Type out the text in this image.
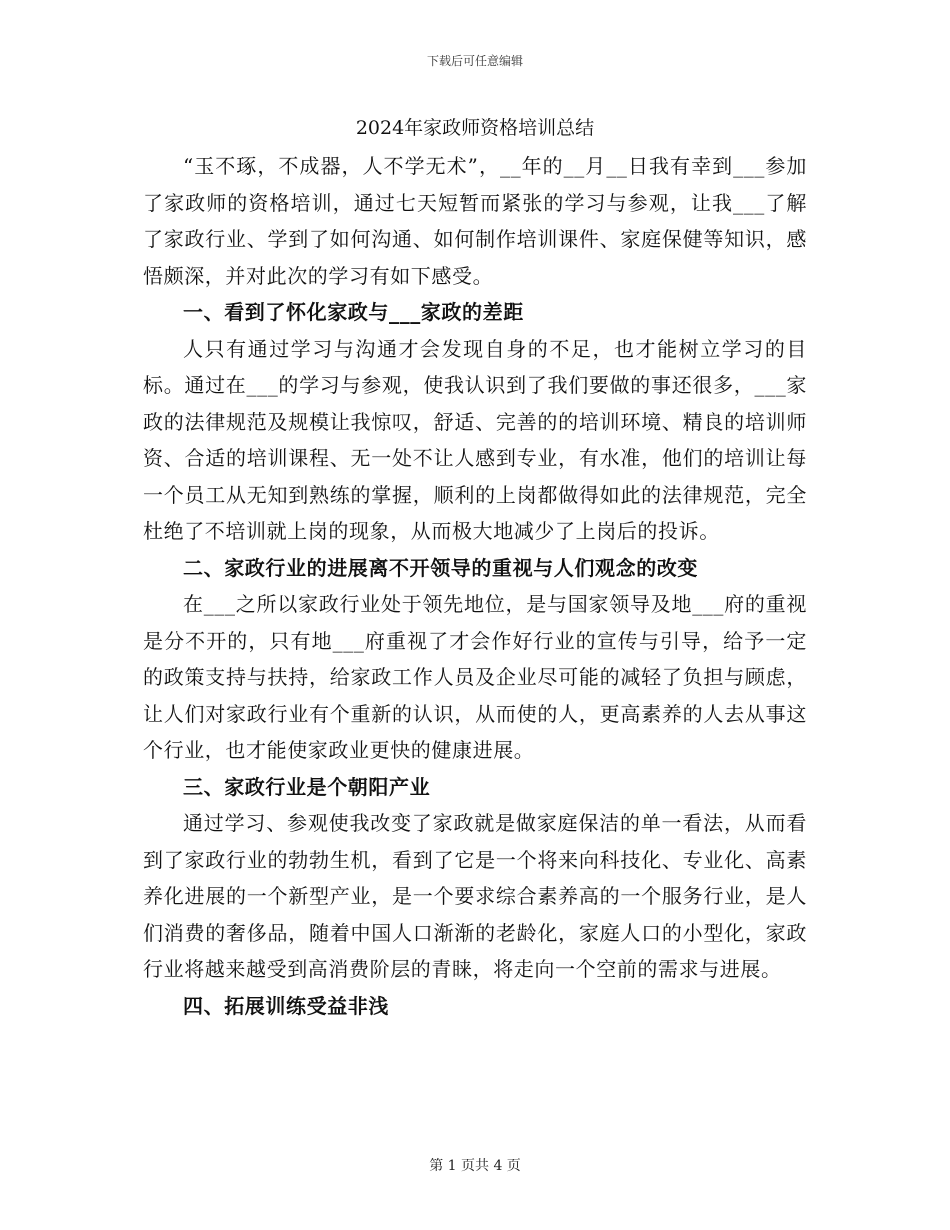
下载后可任意编辑
2024年家政师资格培训总结

“玉不琢，不成器，人不学无术”，__年的__月__日我有幸到___参加了家政师的资格培训，通过七天短暂而紧张的学习与参观，让我___了解了家政行业、学到了如何沟通、如何制作培训课件、家庭保健等知识，感悟颇深，并对此次的学习有如下感受。

一、看到了怀化家政与___家政的差距

人只有通过学习与沟通才会发现自身的不足，也才能树立学习的目标。通过在___的学习与参观，使我认识到了我们要做的事还很多，___家政的法律规范及规模让我惊叹，舒适、完善的的培训环境、精良的培训师资、合适的培训课程、无一处不让人感到专业，有水准，他们的培训让每一个员工从无知到熟练的掌握，顺利的上岗都做得如此的法律规范，完全杜绝了不培训就上岗的现象，从而极大地减少了上岗后的投诉。

二、家政行业的进展离不开领导的重视与人们观念的改变

在___之所以家政行业处于领先地位，是与国家领导及地___府的重视是分不开的，只有地___府重视了才会作好行业的宣传与引导，给予一定的政策支持与扶持，给家政工作人员及企业尽可能的减轻了负担与顾虑，让人们对家政行业有个重新的认识，从而使的人，更高素养的人去从事这个行业，也才能使家政业更快的健康进展。

三、家政行业是个朝阳产业

通过学习、参观使我改变了家政就是做家庭保洁的单一看法，从而看到了家政行业的勃勃生机，看到了它是一个将来向科技化、专业化、高素养化进展的一个新型产业，是一个要求综合素养高的一个服务行业，是人们消费的奢侈品，随着中国人口渐渐的老龄化，家庭人口的小型化，家政行业将越来越受到高消费阶层的青睐，将走向一个空前的需求与进展。

四、拓展训练受益非浅

第 1 页共 4 页
